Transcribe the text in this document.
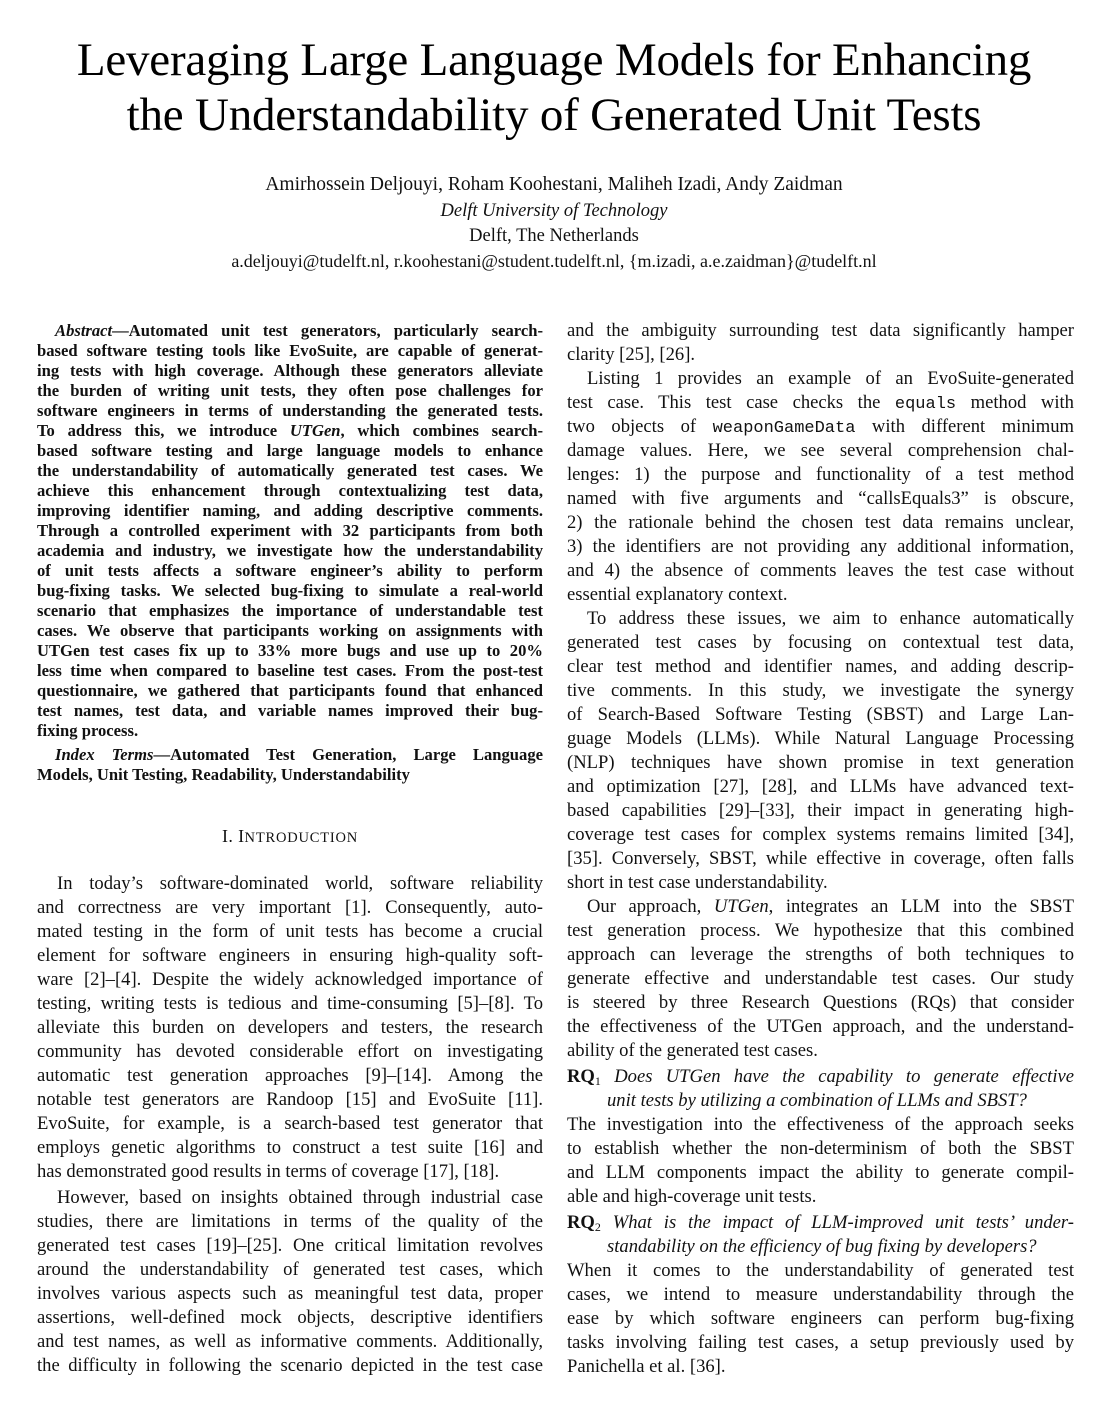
Leveraging Large Language Models for Enhancing
the Understandability of Generated Unit Tests
Amirhossein Deljouyi, Roham Koohestani, Maliheh Izadi, Andy Zaidman
Delft University of Technology
Delft, The Netherlands
a.deljouyi@tudelft.nl, r.koohestani@student.tudelft.nl, {m.izadi, a.e.zaidman}@tudelft.nl
Abstract—Automated unit test generators, particularly search-
based software testing tools like EvoSuite, are capable of generat-
ing tests with high coverage. Although these generators alleviate
the burden of writing unit tests, they often pose challenges for
software engineers in terms of understanding the generated tests.
To address this, we introduce UTGen, which combines search-
based software testing and large language models to enhance
the understandability of automatically generated test cases. We
achieve this enhancement through contextualizing test data,
improving identifier naming, and adding descriptive comments.
Through a controlled experiment with 32 participants from both
academia and industry, we investigate how the understandability
of unit tests affects a software engineer’s ability to perform
bug-fixing tasks. We selected bug-fixing to simulate a real-world
scenario that emphasizes the importance of understandable test
cases. We observe that participants working on assignments with
UTGen test cases fix up to 33% more bugs and use up to 20%
less time when compared to baseline test cases. From the post-test
questionnaire, we gathered that participants found that enhanced
test names, test data, and variable names improved their bug-
fixing process.
Index Terms—Automated Test Generation, Large Language
Models, Unit Testing, Readability, Understandability
I. INTRODUCTION
In today’s software-dominated world, software reliability
and correctness are very important [1]. Consequently, auto-
mated testing in the form of unit tests has become a crucial
element for software engineers in ensuring high-quality soft-
ware [2]–[4]. Despite the widely acknowledged importance of
testing, writing tests is tedious and time-consuming [5]–[8]. To
alleviate this burden on developers and testers, the research
community has devoted considerable effort on investigating
automatic test generation approaches [9]–[14]. Among the
notable test generators are Randoop [15] and EvoSuite [11].
EvoSuite, for example, is a search-based test generator that
employs genetic algorithms to construct a test suite [16] and
has demonstrated good results in terms of coverage [17], [18].
However, based on insights obtained through industrial case
studies, there are limitations in terms of the quality of the
generated test cases [19]–[25]. One critical limitation revolves
around the understandability of generated test cases, which
involves various aspects such as meaningful test data, proper
assertions, well-defined mock objects, descriptive identifiers
and test names, as well as informative comments. Additionally,
the difficulty in following the scenario depicted in the test case
and the ambiguity surrounding test data significantly hamper
clarity [25], [26].
Listing 1 provides an example of an EvoSuite-generated
test case. This test case checks the equals method with
two objects of weaponGameData with different minimum
damage values. Here, we see several comprehension chal-
lenges: 1) the purpose and functionality of a test method
named with five arguments and “callsEquals3” is obscure,
2) the rationale behind the chosen test data remains unclear,
3) the identifiers are not providing any additional information,
and 4) the absence of comments leaves the test case without
essential explanatory context.
To address these issues, we aim to enhance automatically
generated test cases by focusing on contextual test data,
clear test method and identifier names, and adding descrip-
tive comments. In this study, we investigate the synergy
of Search-Based Software Testing (SBST) and Large Lan-
guage Models (LLMs). While Natural Language Processing
(NLP) techniques have shown promise in text generation
and optimization [27], [28], and LLMs have advanced text-
based capabilities [29]–[33], their impact in generating high-
coverage test cases for complex systems remains limited [34],
[35]. Conversely, SBST, while effective in coverage, often falls
short in test case understandability.
Our approach, UTGen, integrates an LLM into the SBST
test generation process. We hypothesize that this combined
approach can leverage the strengths of both techniques to
generate effective and understandable test cases. Our study
is steered by three Research Questions (RQs) that consider
the effectiveness of the UTGen approach, and the understand-
ability of the generated test cases.
$RQ_1$ Does UTGen have the capability to generate effective
unit tests by utilizing a combination of LLMs and SBST?
The investigation into the effectiveness of the approach seeks
to establish whether the non-determinism of both the SBST
and LLM components impact the ability to generate compil-
able and high-coverage unit tests.
$RQ_2$ What is the impact of LLM-improved unit tests’ under-
standability on the efficiency of bug fixing by developers?
When it comes to the understandability of generated test
cases, we intend to measure understandability through the
ease by which software engineers can perform bug-fixing
tasks involving failing test cases, a setup previously used by
Panichella et al. [36].
